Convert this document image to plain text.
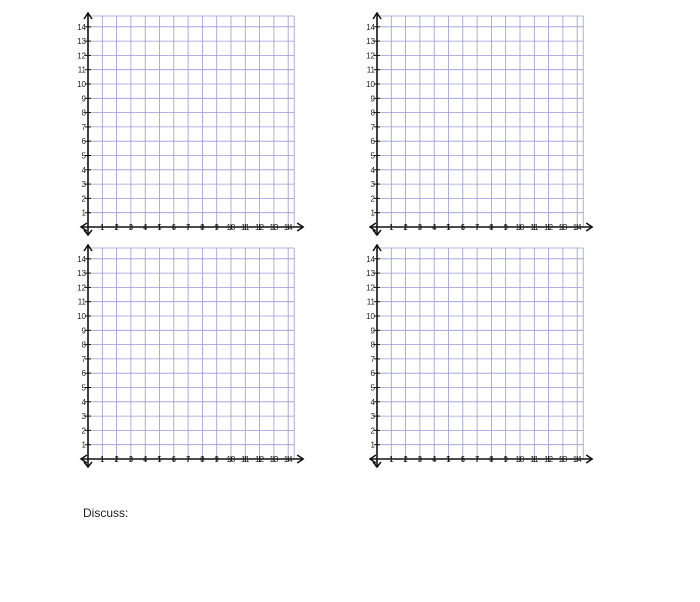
1 2 3 4 5 6 7 8 9 10 11 12 13 14
1
2
3
4
5
6
7
8
9
10
11
12
13
14
1 2 3 4 5 6 7 8 9 10 11 12 13 14
1
2
3
4
5
6
7
8
9
10
11
12
13
14
1 2 3 4 5 6 7 8 9 10 11 12 13 14
1
2
3
4
5
6
7
8
9
10
11
12
13
14
1 2 3 4 5 6 7 8 9 10 11 12 13 14
1
2
3
4
5
6
7
8
9
10
11
12
13
14
Discuss:
